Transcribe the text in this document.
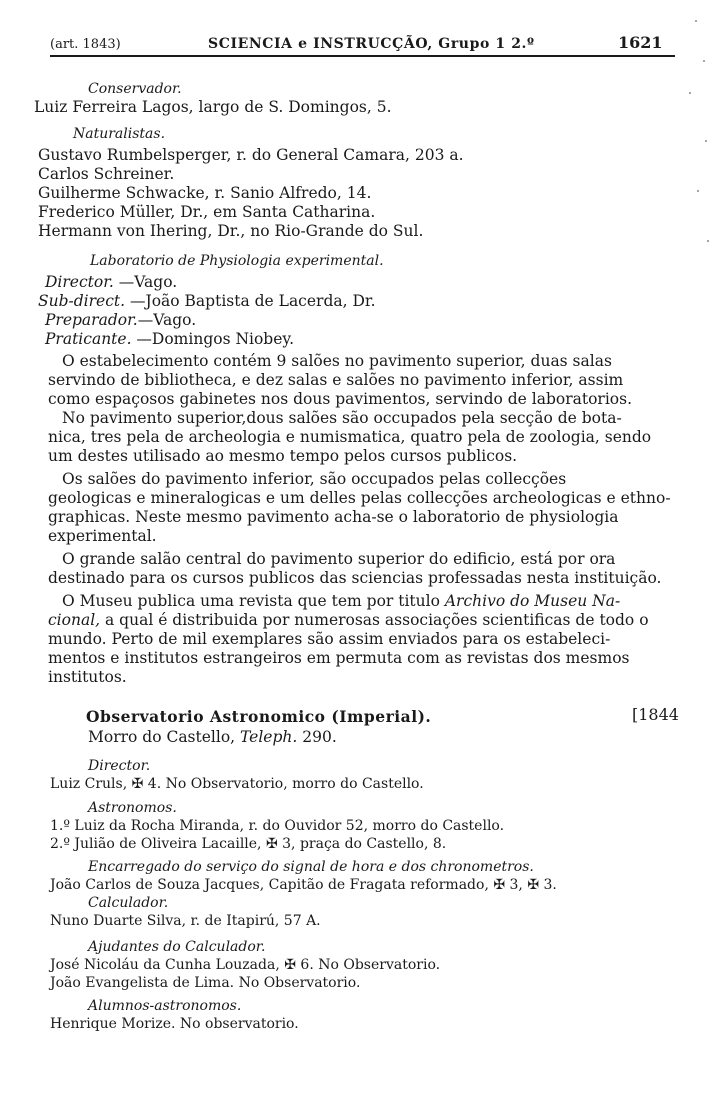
(art. 1843)	SCIENCIA e INSTRUCÇÃO, Grupo 1 2.º	1621
Conservador.
Luiz Ferreira Lagos, largo de S. Domingos, 5.
Naturalistas.
Gustavo Rumbelsperger, r. do General Camara, 203 a.
Carlos Schreiner.
Guilherme Schwacke, r. Sanio Alfredo, 14.
Frederico Müller, Dr., em Santa Catharina.
Hermann von Ihering, Dr., no Rio-Grande do Sul.
Laboratorio de Physiologia experimental.
Director. —Vago.
Sub-direct. —João Baptista de Lacerda, Dr.
Preparador.—Vago.
Praticante. —Domingos Niobey.
O estabelecimento contém 9 salões no pavimento superior, duas salas
servindo de bibliotheca, e dez salas e salões no pavimento inferior, assim
como espaçosos gabinetes nos dous pavimentos, servindo de laboratorios.
No pavimento superior,dous salões são occupados pela secção de bota-
nica, tres pela de archeologia e numismatica, quatro pela de zoologia, sendo
um destes utilisado ao mesmo tempo pelos cursos publicos.
Os salões do pavimento inferior, são occupados pelas collecções
geologicas e mineralogicas e um delles pelas collecções archeologicas e ethno-
graphicas. Neste mesmo pavimento acha-se o laboratorio de physiologia
experimental.
O grande salão central do pavimento superior do edificio, está por ora
destinado para os cursos publicos das sciencias professadas nesta instituição.
O Museu publica uma revista que tem por titulo Archivo do Museu Na-
cional, a qual é distribuida por numerosas associações scientificas de todo o
mundo. Perto de mil exemplares são assim enviados para os estabeleci-
mentos e institutos estrangeiros em permuta com as revistas dos mesmos
institutos.
Observatorio Astronomico (Imperial).	[1844
Morro do Castello, Teleph. 290.
Director.
Luiz Cruls, ✠ 4. No Observatorio, morro do Castello.
Astronomos.
1.º Luiz da Rocha Miranda, r. do Ouvidor 52, morro do Castello.
2.º Julião de Oliveira Lacaille, ✠ 3, praça do Castello, 8.
Encarregado do serviço do signal de hora e dos chronometros.
João Carlos de Souza Jacques, Capitão de Fragata reformado, ✠ 3, ✠ 3.
Calculador.
Nuno Duarte Silva, r. de Itapirú, 57 A.
Ajudantes do Calculador.
José Nicoláu da Cunha Louzada, ✠ 6. No Observatorio.
João Evangelista de Lima. No Observatorio.
Alumnos-astronomos.
Henrique Morize. No observatorio.
